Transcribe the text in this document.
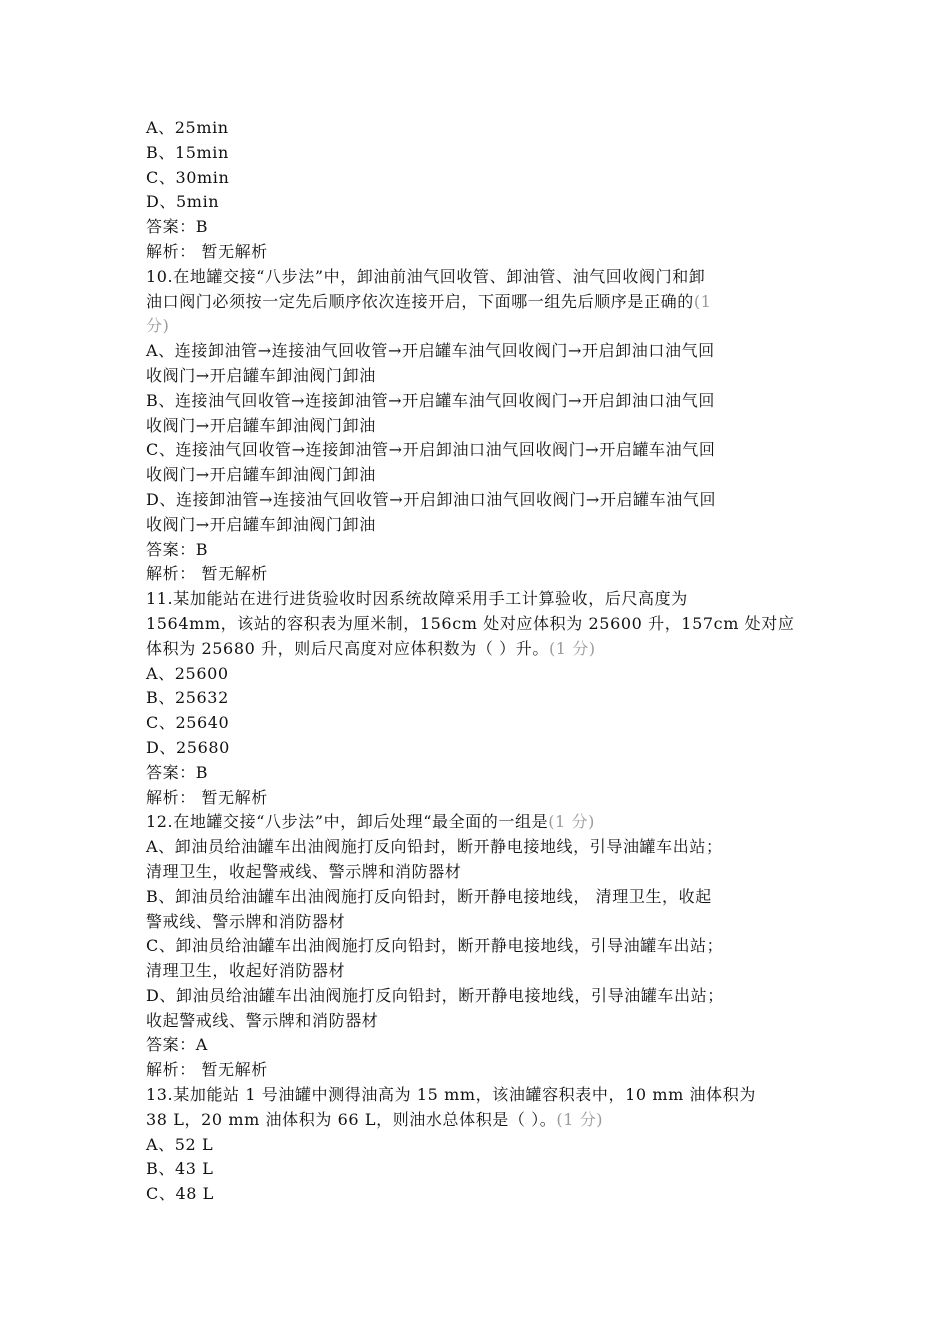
A、25min
B、15min
C、30min
D、5min
答案：B
解析： 暂无解析
10.在地罐交接“八步法”中，卸油前油气回收管、卸油管、油气回收阀门和卸
油口阀门必须按一定先后顺序依次连接开启，下面哪一组先后顺序是正确的(1
分)
A、连接卸油管→连接油气回收管→开启罐车油气回收阀门→开启卸油口油气回
收阀门→开启罐车卸油阀门卸油
B、连接油气回收管→连接卸油管→开启罐车油气回收阀门→开启卸油口油气回
收阀门→开启罐车卸油阀门卸油
C、连接油气回收管→连接卸油管→开启卸油口油气回收阀门→开启罐车油气回
收阀门→开启罐车卸油阀门卸油
D、连接卸油管→连接油气回收管→开启卸油口油气回收阀门→开启罐车油气回
收阀门→开启罐车卸油阀门卸油
答案：B
解析： 暂无解析
11.某加能站在进行进货验收时因系统故障采用手工计算验收，后尺高度为
1564mm，该站的容积表为厘米制，156cm 处对应体积为 25600 升，157cm 处对应
体积为 25680 升，则后尺高度对应体积数为（ ）升。(1 分)
A、25600
B、25632
C、25640
D、25680
答案：B
解析： 暂无解析
12.在地罐交接“八步法”中，卸后处理“最全面的一组是(1 分)
A、卸油员给油罐车出油阀施打反向铅封，断开静电接地线，引导油罐车出站；
清理卫生，收起警戒线、警示牌和消防器材
B、卸油员给油罐车出油阀施打反向铅封，断开静电接地线， 清理卫生，收起
警戒线、警示牌和消防器材
C、卸油员给油罐车出油阀施打反向铅封，断开静电接地线，引导油罐车出站；
清理卫生，收起好消防器材
D、卸油员给油罐车出油阀施打反向铅封，断开静电接地线，引导油罐车出站；
收起警戒线、警示牌和消防器材
答案：A
解析： 暂无解析
13.某加能站 1 号油罐中测得油高为 15 mm，该油罐容积表中，10 mm 油体积为
38 L，20 mm 油体积为 66 L，则油水总体积是（ ）。(1 分)
A、52 L
B、43 L
C、48 L
